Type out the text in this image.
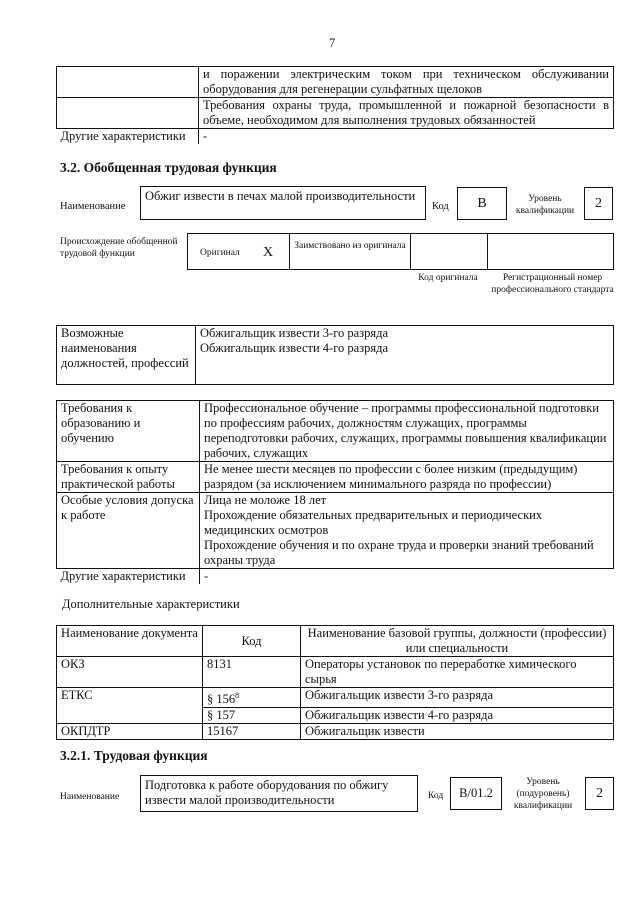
7
	и поражении электрическим током при техническом обслуживании оборудования для регенерации сульфатных щелоков
	Требования охраны труда, промышленной и пожарной безопасности в объеме, необходимом для выполнения трудовых обязанностей
Другие характеристики	-
3.2. Обобщенная трудовая функция
Наименование
Обжиг извести в печах малой производительности
Код	B	Уровень квалификации	2
Происхождение обобщенной трудовой функции	Оригинал X Заимствовано из оригинала
Код оригинала	Регистрационный номер профессионального стандарта
Возможные наименования должностей, профессий	
Обжигальщик извести 3-го разряда
Обжигальщик извести 4-го разряда
Требования к образованию и обучению	Профессиональное обучение – программы профессиональной подготовки по профессиям рабочих, должностям служащих, программы переподготовки рабочих, служащих, программы повышения квалификации рабочих, служащих
Требования к опыту практической работы	Не менее шести месяцев по профессии с более низким (предыдущим) разрядом (за исключением минимального разряда по профессии)
Особые условия допуска к работе	Лица не моложе 18 лет
Прохождение обязательных предварительных и периодических медицинских осмотров
Прохождение обучения и по охране труда и проверки знаний требований охраны труда

Другие характеристики	-
Дополнительные характеристики
Наименование документа	Код	Наименование базовой группы, должности (профессии) или специальности
ОКЗ	8131	Операторы установок по переработке химического сырья
ЕТКС	§ $156^8$	Обжигальщик извести 3-го разряда
	§ 157	Обжигальщик извести 4-го разряда
ОКПДТР	15167	Обжигальщик извести
3.2.1. Трудовая функция
Наименование
Подготовка к работе оборудования по обжигу извести малой производительности	Код	B/01.2
Уровень (подуровень) квалификации
2
